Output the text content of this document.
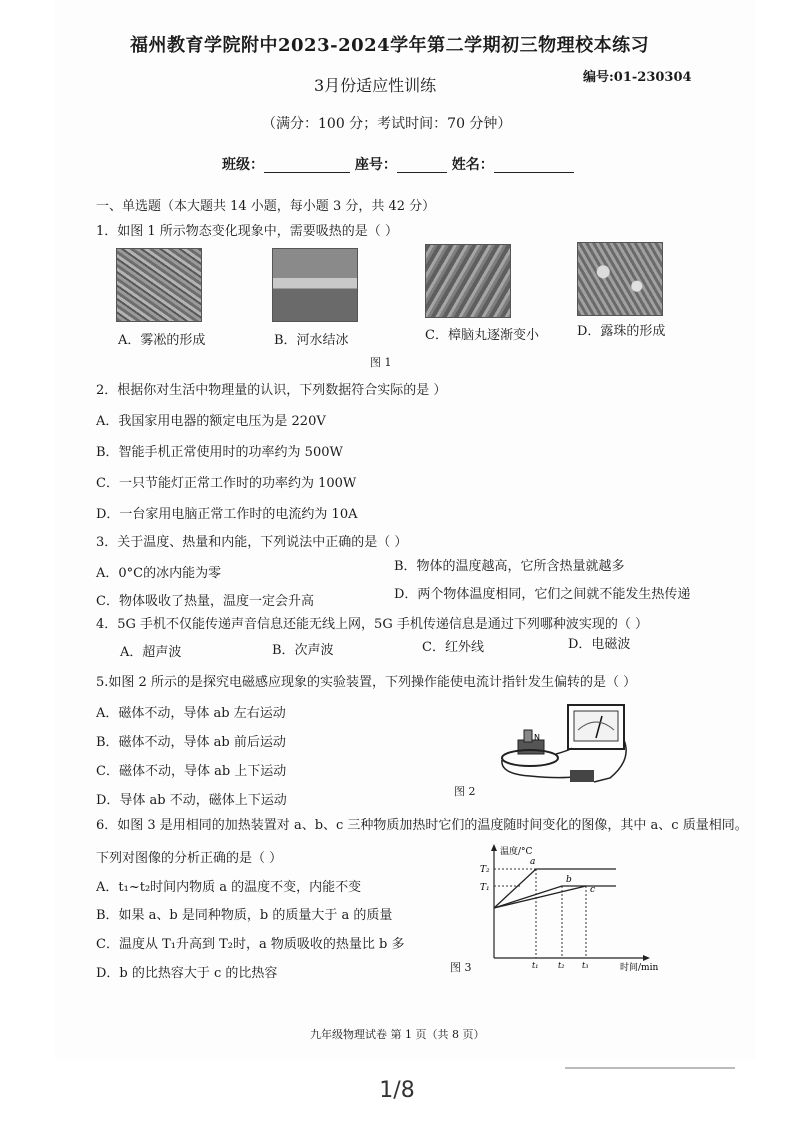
福州教育学院附中2023-2024学年第二学期初三物理校本练习
3月份适应性训练	编号:01-230304
（满分：100 分；考试时间：70 分钟）
班级：	座号：	姓名：
一、单选题（本大题共 14 小题，每小题 3 分，共 42 分）
1．如图 1 所示物态变化现象中，需要吸热的是（ ）
A．雾凇的形成	B．河水结冰	C．樟脑丸逐渐变小	D．露珠的形成
图 1
2．根据你对生活中物理量的认识，下列数据符合实际的是 ）
A．我国家用电器的额定电压为是 220V
B．智能手机正常使用时的功率约为 500W
C．一只节能灯正常工作时的功率约为 100W
D．一台家用电脑正常工作时的电流约为 10A
3．关于温度、热量和内能，下列说法中正确的是（ ）
A．0°C的冰内能为零	B．物体的温度越高，它所含热量就越多
C．物体吸收了热量，温度一定会升高	D．两个物体温度相同，它们之间就不能发生热传递
4．5G 手机不仅能传递声音信息还能无线上网，5G 手机传递信息是通过下列哪种波实现的（ ）
A．超声波	B．次声波	C．红外线	D．电磁波
5.如图 2 所示的是探究电磁感应现象的实验装置，下列操作能使电流计指针发生偏转的是（ ）
A．磁体不动，导体 ab 左右运动
B．磁体不动，导体 ab 前后运动
C．磁体不动，导体 ab 上下运动
D．导体 ab 不动，磁体上下运动
N
图 2
6．如图 3 是用相同的加热装置对 a、b、c 三种物质加热时它们的温度随时间变化的图像，其中 a、c 质量相同。
下列对图像的分析正确的是（ ）
A．t₁~t₂时间内物质 a 的温度不变，内能不变
B．如果 a、b 是同种物质，b 的质量大于 a 的质量
C．温度从 T₁升高到 T₂时，a 物质吸收的热量比 b 多
D．b 的比热容大于 c 的比热容
温度/°C
时间/min
T₂
T₁
a
b
c
t₁ t₂ t₃
图 3
九年级物理试卷 第 1 页（共 8 页）
1/8
